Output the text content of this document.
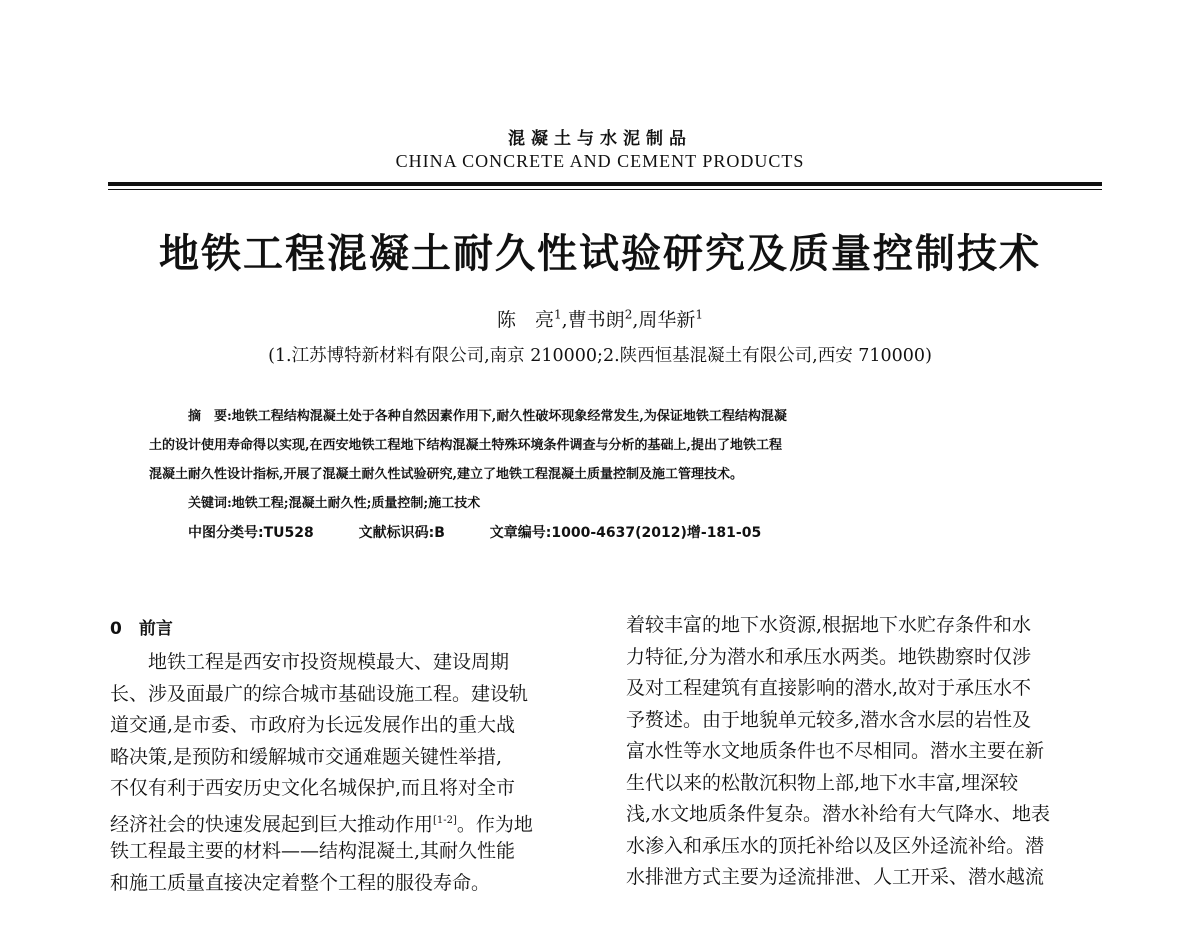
混凝土与水泥制品
CHINA CONCRETE AND CEMENT PRODUCTS
地铁工程混凝土耐久性试验研究及质量控制技术
陈　亮$^1$,曹书朗$^2$,周华新$^1$
(1.江苏博特新材料有限公司,南京 210000;2.陕西恒基混凝土有限公司,西安 710000)
摘　要:地铁工程结构混凝土处于各种自然因素作用下,耐久性破坏现象经常发生,为保证地铁工程结构混凝
土的设计使用寿命得以实现,在西安地铁工程地下结构混凝土特殊环境条件调查与分析的基础上,提出了地铁工程
混凝土耐久性设计指标,开展了混凝土耐久性试验研究,建立了地铁工程混凝土质量控制及施工管理技术。
关键词:地铁工程;混凝土耐久性;质量控制;施工技术
中图分类号:TU528	文献标识码:B	文章编号:1000-4637(2012)增-181-05
0　前言
地铁工程是西安市投资规模最大、建设周期
长、涉及面最广的综合城市基础设施工程。建设轨
道交通,是市委、市政府为长远发展作出的重大战
略决策,是预防和缓解城市交通难题关键性举措,
不仅有利于西安历史文化名城保护,而且将对全市
经济社会的快速发展起到巨大推动作用[1-2]。作为地
铁工程最主要的材料——结构混凝土,其耐久性能
和施工质量直接决定着整个工程的服役寿命。
着较丰富的地下水资源,根据地下水贮存条件和水
力特征,分为潜水和承压水两类。地铁勘察时仅涉
及对工程建筑有直接影响的潜水,故对于承压水不
予赘述。由于地貌单元较多,潜水含水层的岩性及
富水性等水文地质条件也不尽相同。潜水主要在新
生代以来的松散沉积物上部,地下水丰富,埋深较
浅,水文地质条件复杂。潜水补给有大气降水、地表
水渗入和承压水的顶托补给以及区外迳流补给。潜
水排泄方式主要为迳流排泄、人工开采、潜水越流
